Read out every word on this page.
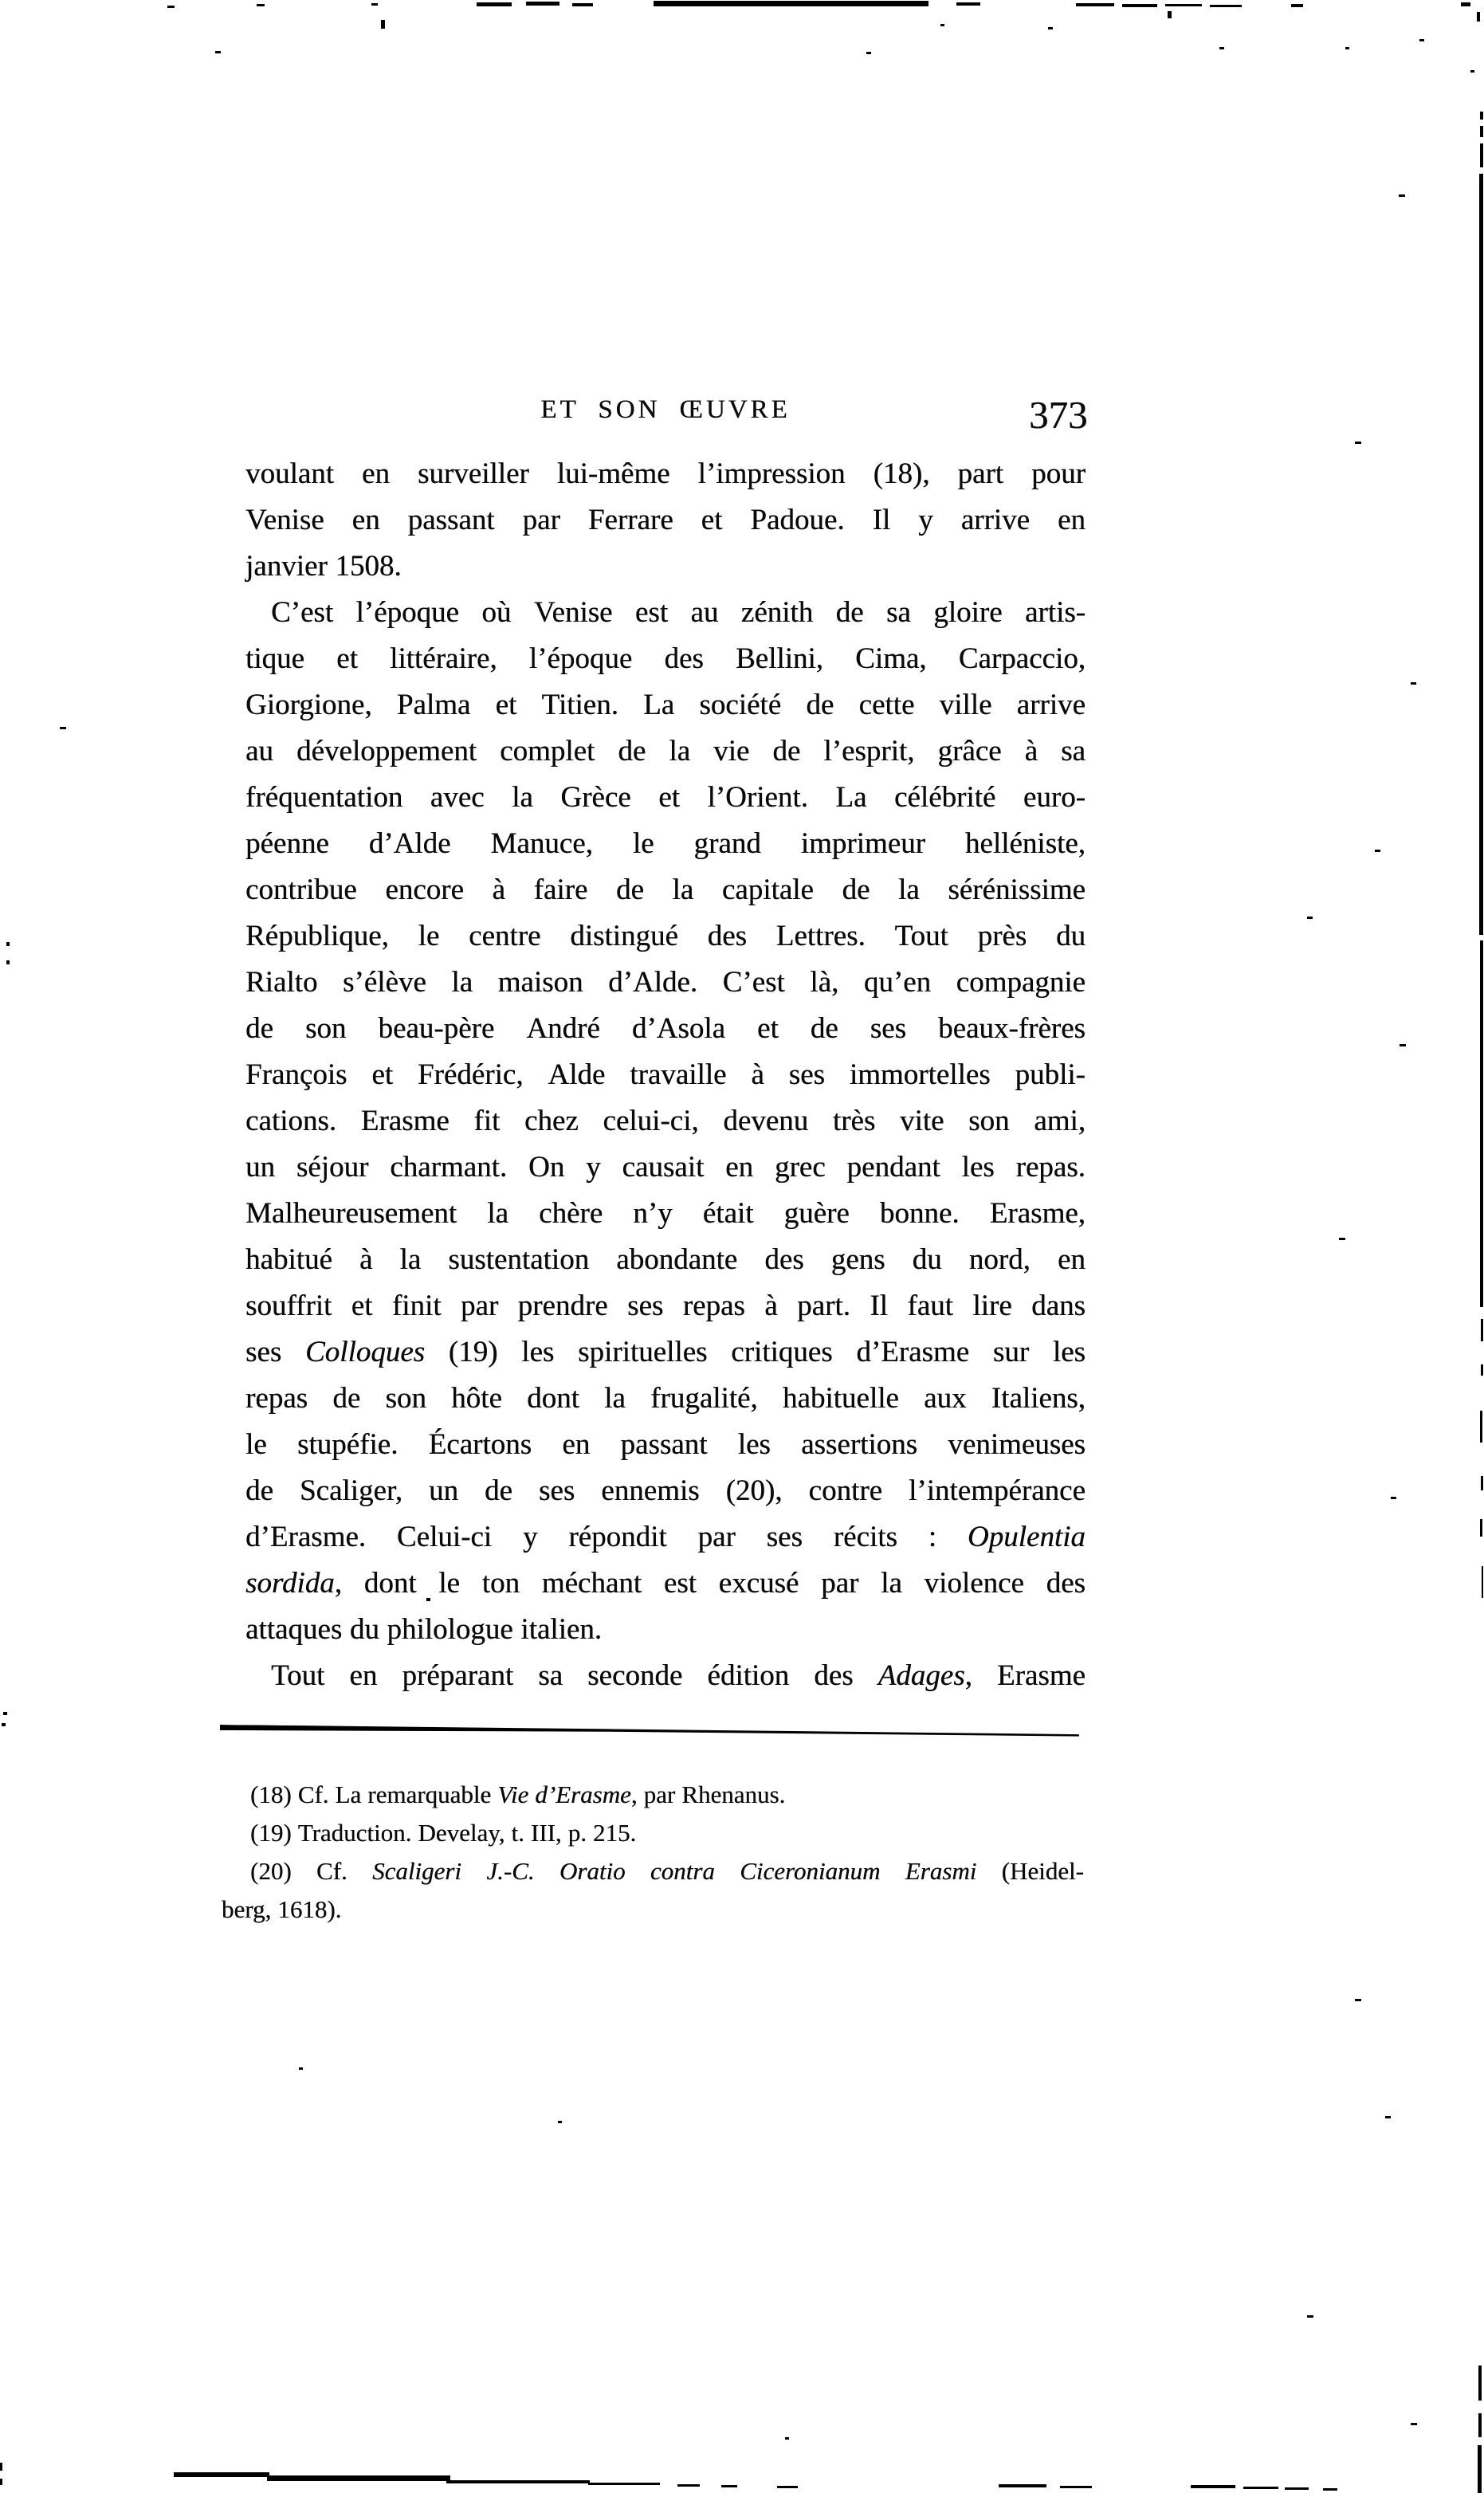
ET SON ŒUVRE	373
voulant en surveiller lui-même l’impression (18), part pour
Venise en passant par Ferrare et Padoue. Il y arrive en
janvier 1508.
C’est l’époque où Venise est au zénith de sa gloire artis-
tique et littéraire, l’époque des Bellini, Cima, Carpaccio,
Giorgione, Palma et Titien. La société de cette ville arrive
au développement complet de la vie de l’esprit, grâce à sa
fréquentation avec la Grèce et l’Orient. La célébrité euro-
péenne d’Alde Manuce, le grand imprimeur helléniste,
contribue encore à faire de la capitale de la sérénissime
République, le centre distingué des Lettres. Tout près du
Rialto s’élève la maison d’Alde. C’est là, qu’en compagnie
de son beau-père André d’Asola et de ses beaux-frères
François et Frédéric, Alde travaille à ses immortelles publi-
cations. Erasme fit chez celui-ci, devenu très vite son ami,
un séjour charmant. On y causait en grec pendant les repas.
Malheureusement la chère n’y était guère bonne. Erasme,
habitué à la sustentation abondante des gens du nord, en
souffrit et finit par prendre ses repas à part. Il faut lire dans
ses Colloques (19) les spirituelles critiques d’Erasme sur les
repas de son hôte dont la frugalité, habituelle aux Italiens,
le stupéfie. Écartons en passant les assertions venimeuses
de Scaliger, un de ses ennemis (20), contre l’intempérance
d’Erasme. Celui-ci y répondit par ses récits : Opulentia
sordida, dont le ton méchant est excusé par la violence des
attaques du philologue italien.
Tout en préparant sa seconde édition des Adages, Erasme
(18) Cf. La remarquable Vie d’Erasme, par Rhenanus.
(19) Traduction. Develay, t. III, p. 215.
(20) Cf. Scaligeri J.-C. Oratio contra Ciceronianum Erasmi (Heidel-
berg, 1618).
